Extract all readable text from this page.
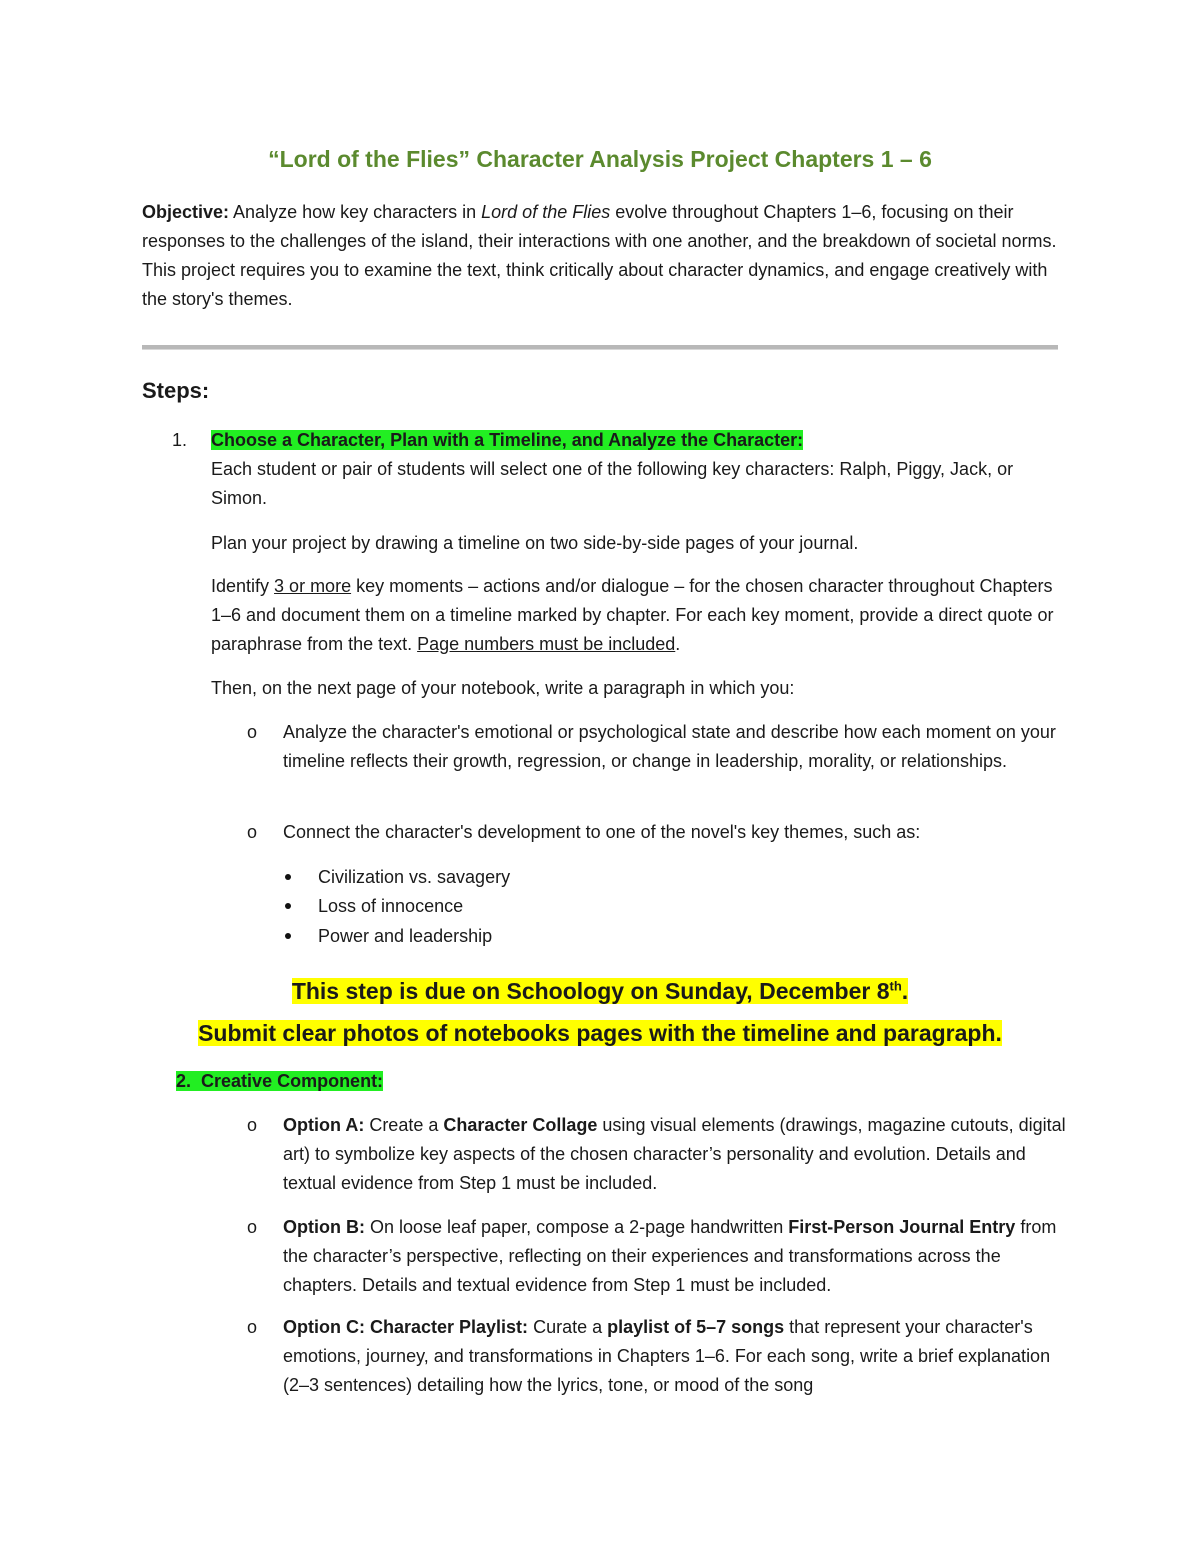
“Lord of the Flies” Character Analysis Project Chapters 1 – 6
Objective: Analyze how key characters in Lord of the Flies evolve throughout Chapters 1–6, focusing on their responses to the challenges of the island, their interactions with one another, and the breakdown of societal norms. This project requires you to examine the text, think critically about character dynamics, and engage creatively with the story's themes.
Steps:
1. Choose a Character, Plan with a Timeline, and Analyze the Character:
Each student or pair of students will select one of the following key characters: Ralph, Piggy, Jack, or Simon.
Plan your project by drawing a timeline on two side-by-side pages of your journal.
Identify 3 or more key moments – actions and/or dialogue – for the chosen character throughout Chapters 1–6 and document them on a timeline marked by chapter. For each key moment, provide a direct quote or paraphrase from the text. Page numbers must be included.
Then, on the next page of your notebook, write a paragraph in which you:
o Analyze the character's emotional or psychological state and describe how each moment on your timeline reflects their growth, regression, or change in leadership, morality, or relationships.
o Connect the character's development to one of the novel's key themes, such as:
Civilization vs. savagery
Loss of innocence
Power and leadership
This step is due on Schoology on Sunday, December 8th.
Submit clear photos of notebooks pages with the timeline and paragraph.
2. Creative Component:
o Option A: Create a Character Collage using visual elements (drawings, magazine cutouts, digital art) to symbolize key aspects of the chosen character’s personality and evolution. Details and textual evidence from Step 1 must be included.
o Option B: On loose leaf paper, compose a 2-page handwritten First-Person Journal Entry from the character’s perspective, reflecting on their experiences and transformations across the chapters. Details and textual evidence from Step 1 must be included.
o Option C: Character Playlist: Curate a playlist of 5–7 songs that represent your character's emotions, journey, and transformations in Chapters 1–6. For each song, write a brief explanation (2–3 sentences) detailing how the lyrics, tone, or mood of the song
